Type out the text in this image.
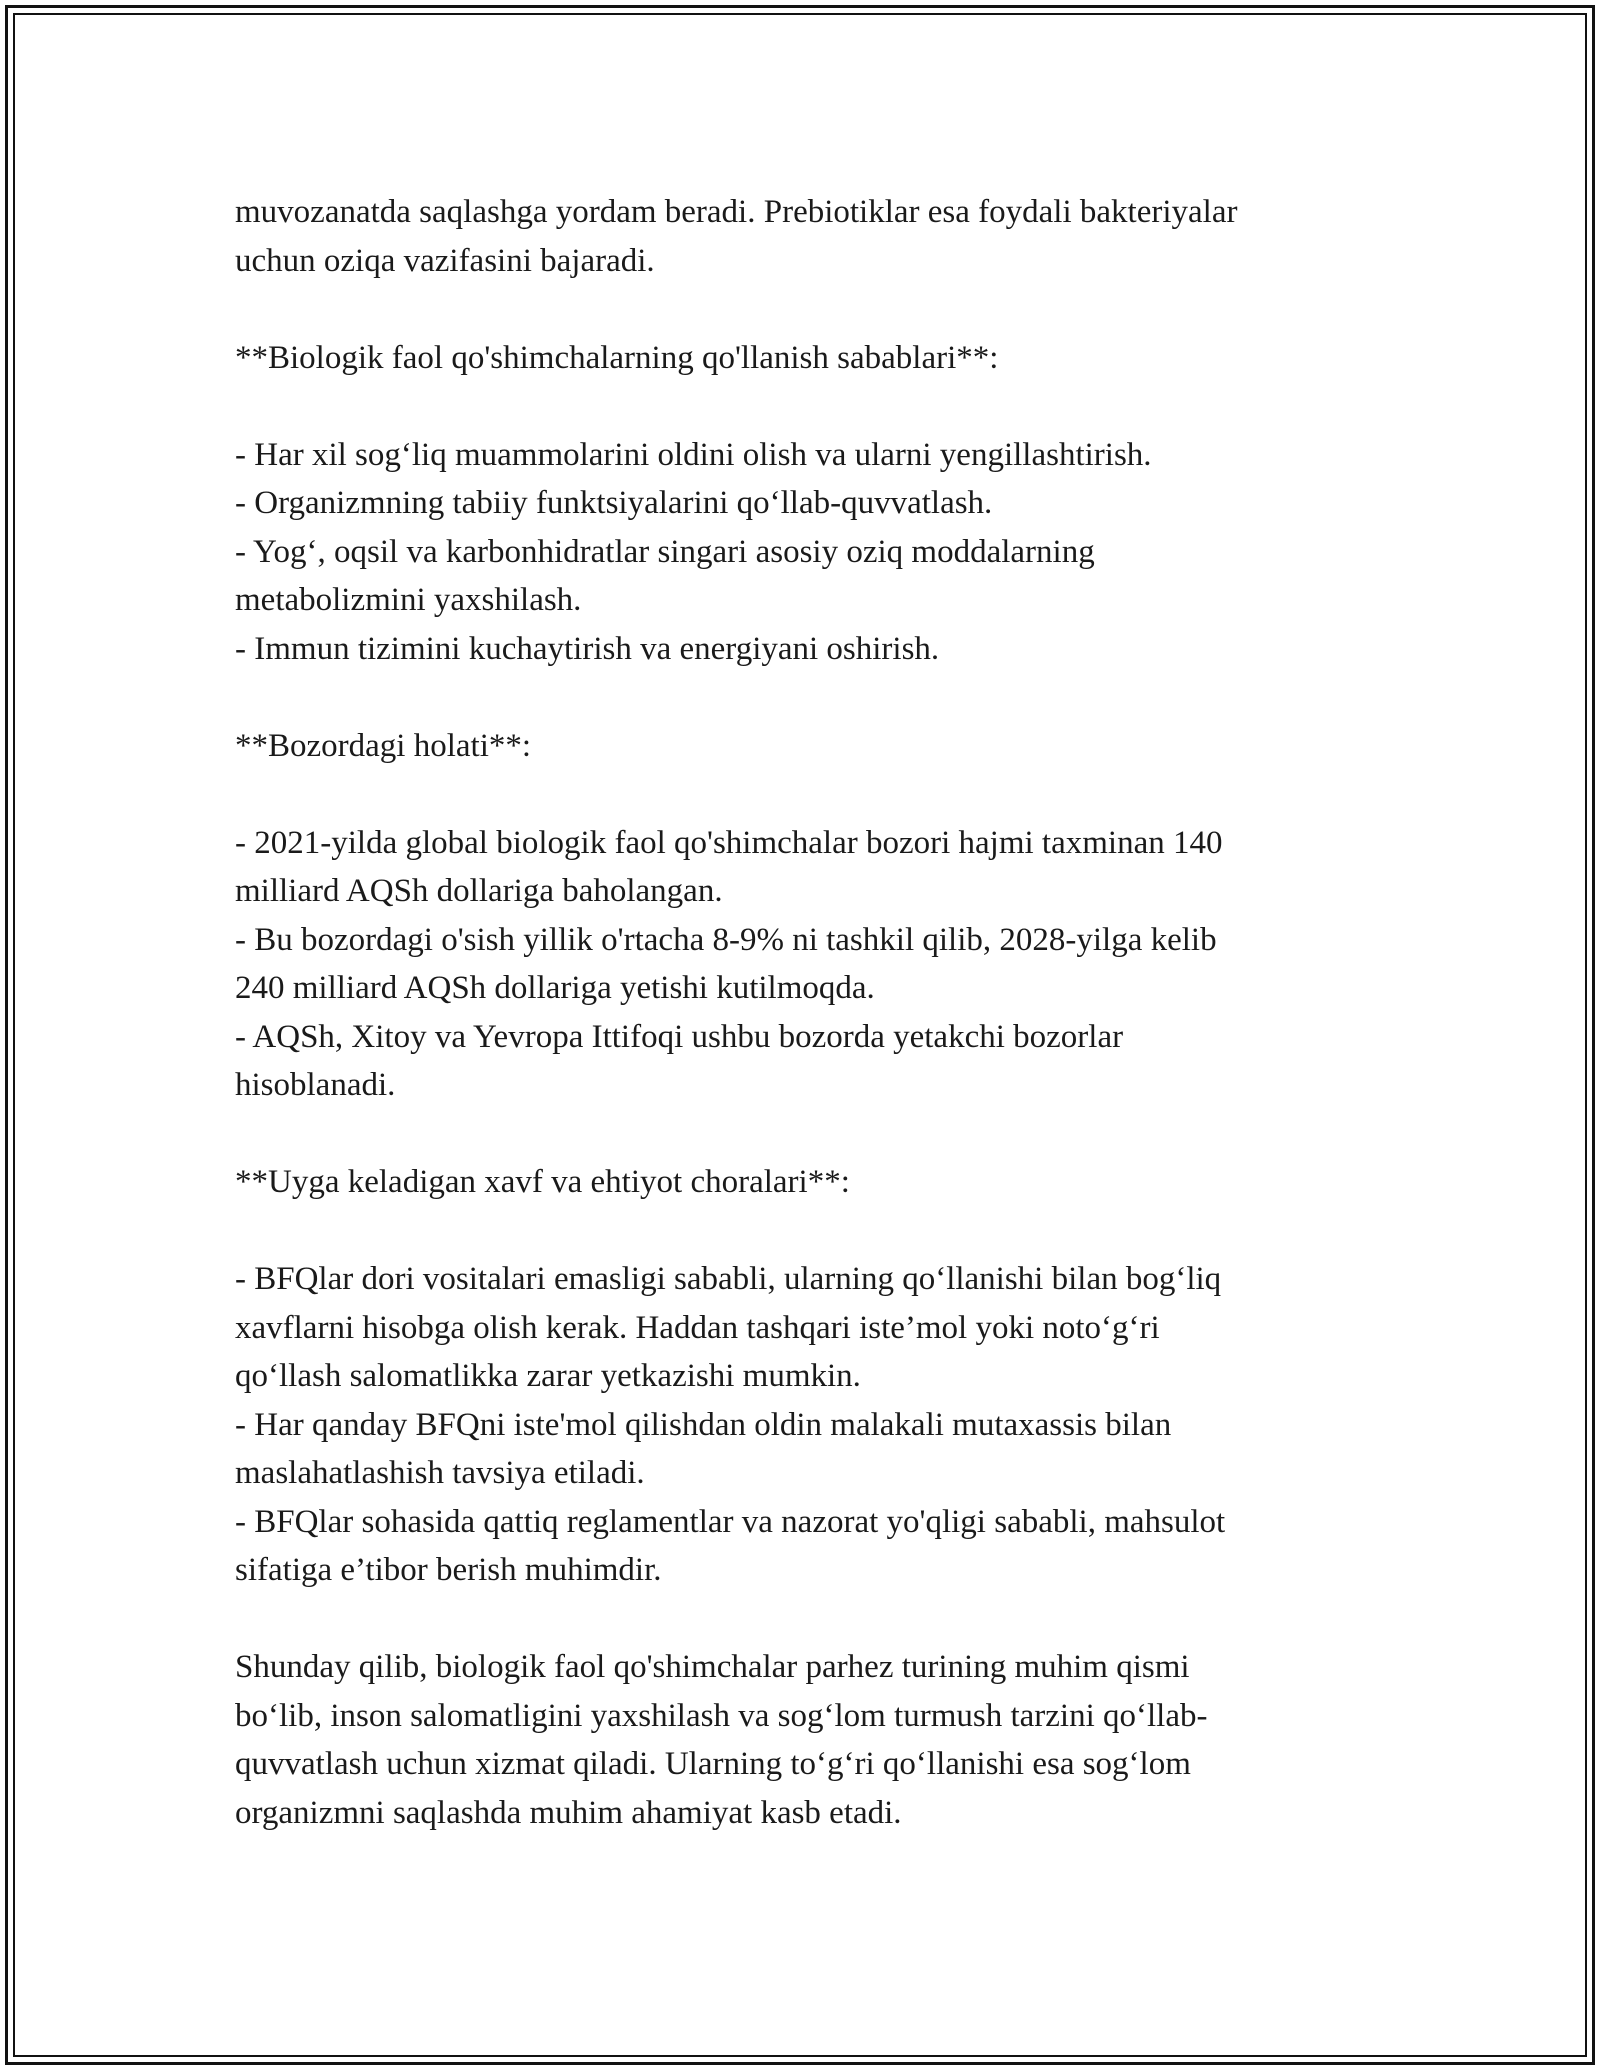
muvozanatda saqlashga yordam beradi. Prebiotiklar esa foydali bakteriyalar
uchun oziqa vazifasini bajaradi.
**Biologik faol qo'shimchalarning qo'llanish sabablari**:
- Har xil sog‘liq muammolarini oldini olish va ularni yengillashtirish.
- Organizmning tabiiy funktsiyalarini qo‘llab-quvvatlash.
- Yog‘, oqsil va karbonhidratlar singari asosiy oziq moddalarning
metabolizmini yaxshilash.
- Immun tizimini kuchaytirish va energiyani oshirish.
**Bozordagi holati**:
- 2021-yilda global biologik faol qo'shimchalar bozori hajmi taxminan 140
milliard AQSh dollariga baholangan.
- Bu bozordagi o'sish yillik o'rtacha 8-9% ni tashkil qilib, 2028-yilga kelib
240 milliard AQSh dollariga yetishi kutilmoqda.
- AQSh, Xitoy va Yevropa Ittifoqi ushbu bozorda yetakchi bozorlar
hisoblanadi.
**Uyga keladigan xavf va ehtiyot choralari**:
- BFQlar dori vositalari emasligi sababli, ularning qo‘llanishi bilan bog‘liq
xavflarni hisobga olish kerak. Haddan tashqari iste’mol yoki noto‘g‘ri
qo‘llash salomatlikka zarar yetkazishi mumkin.
- Har qanday BFQni iste'mol qilishdan oldin malakali mutaxassis bilan
maslahatlashish tavsiya etiladi.
- BFQlar sohasida qattiq reglamentlar va nazorat yo'qligi sababli, mahsulot
sifatiga e’tibor berish muhimdir.
Shunday qilib, biologik faol qo'shimchalar parhez turining muhim qismi
bo‘lib, inson salomatligini yaxshilash va sog‘lom turmush tarzini qo‘llab-
quvvatlash uchun xizmat qiladi. Ularning to‘g‘ri qo‘llanishi esa sog‘lom
organizmni saqlashda muhim ahamiyat kasb etadi.
